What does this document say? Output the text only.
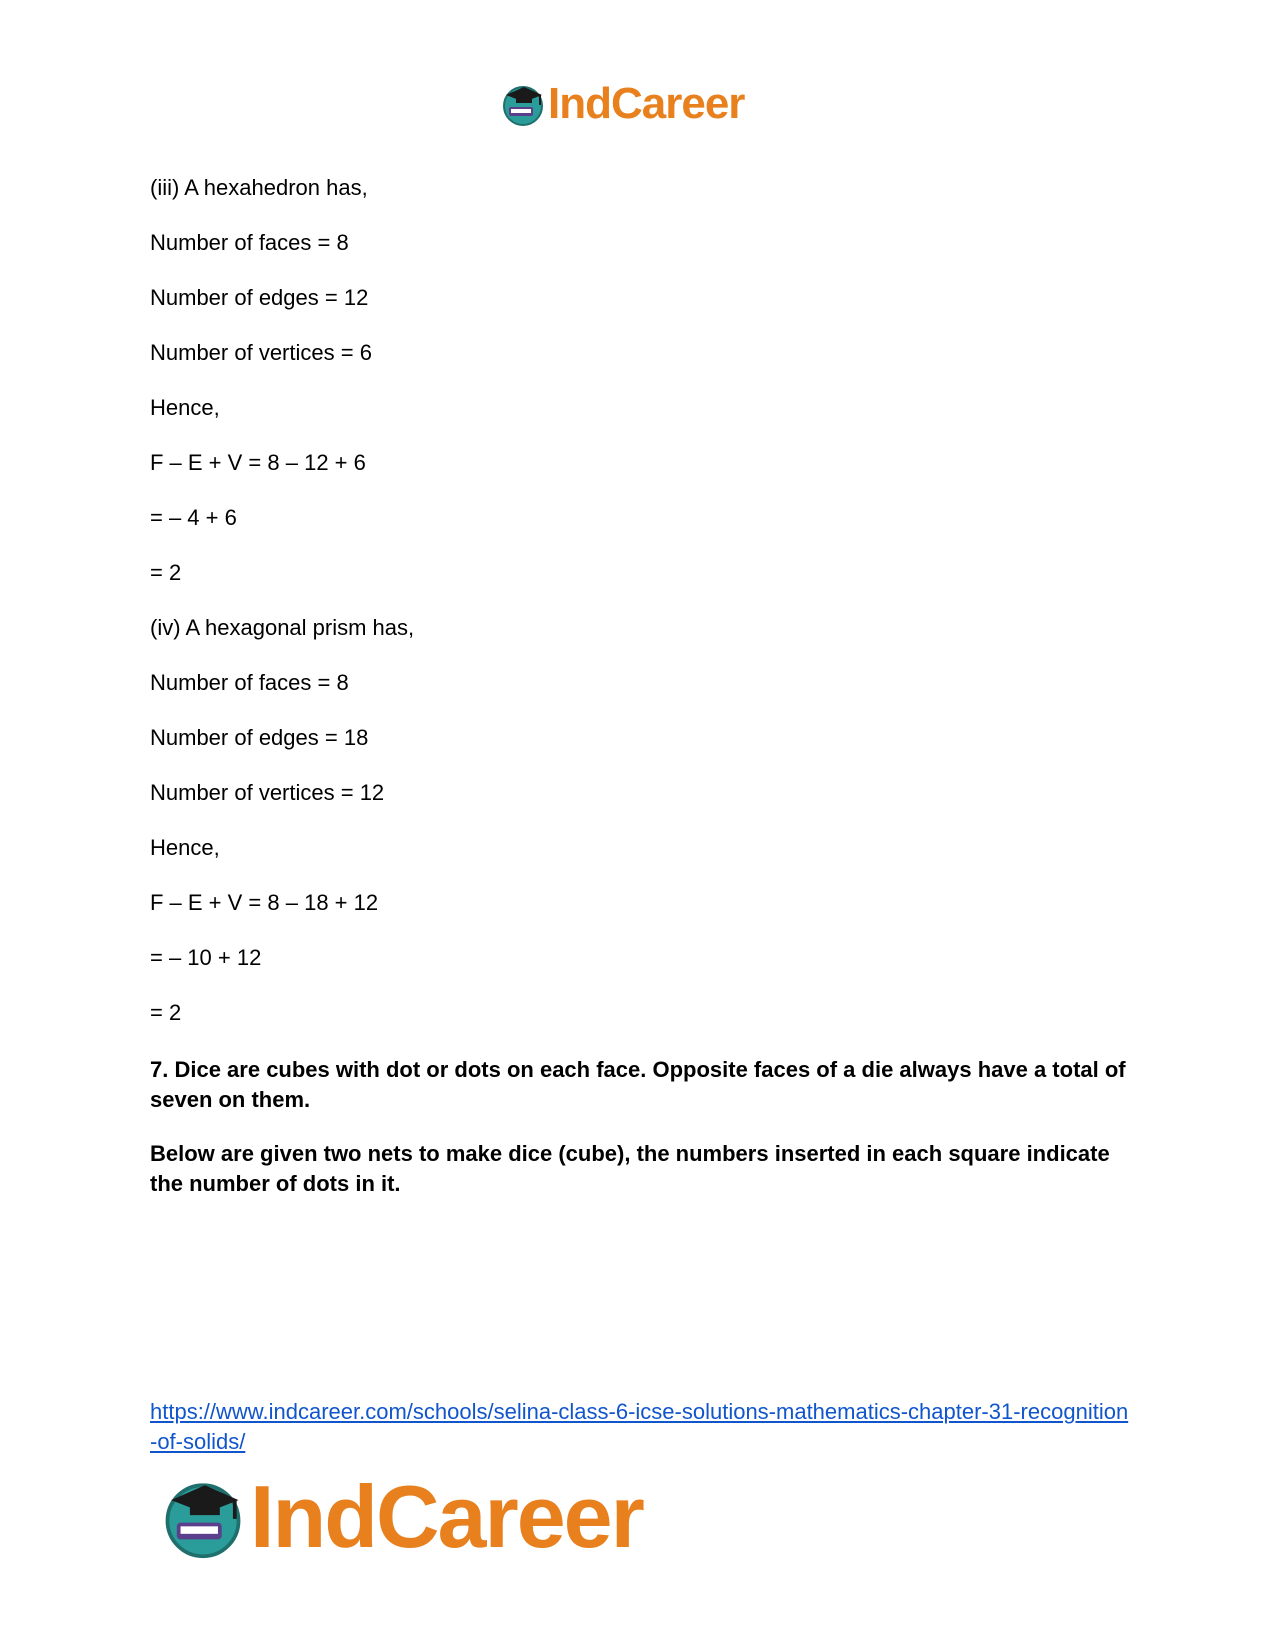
IndCareer
(iii) A hexahedron has,
Number of faces = 8
Number of edges = 12
Number of vertices = 6
Hence,
F – E + V = 8 – 12 + 6
= – 4 + 6
= 2
(iv) A hexagonal prism has,
Number of faces = 8
Number of edges = 18
Number of vertices = 12
Hence,
F – E + V = 8 – 18 + 12
= – 10 + 12
= 2
7. Dice are cubes with dot or dots on each face. Opposite faces of a die always have a total of seven on them.
Below are given two nets to make dice (cube), the numbers inserted in each square indicate the number of dots in it.
https://www.indcareer.com/schools/selina-class-6-icse-solutions-mathematics-chapter-31-recognition-of-solids/
IndCareer
